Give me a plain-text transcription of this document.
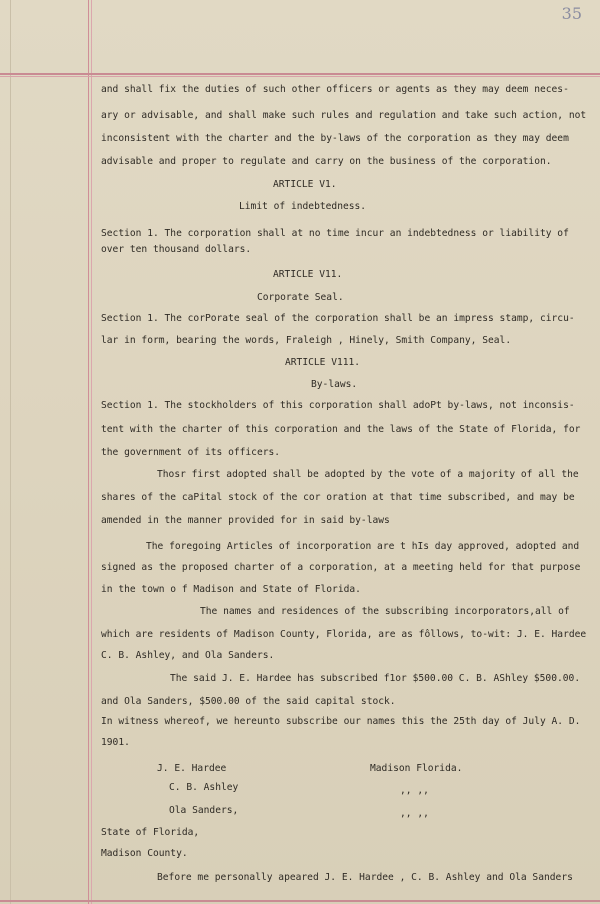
35
and shall fix the duties of such other officers or agents as they may deem neces-
ary or advisable, and shall make such rules and regulation and take such action, not
inconsistent with the charter and the by-laws of the corporation as they may deem
advisable and proper to regulate and carry on the business of the corporation.
ARTICLE V1.
Limit of indebtedness.
Section 1. The corporation shall at no time incur an indebtedness or liability of
over ten thousand dollars.
ARTICLE V11.
Corporate Seal.
Section 1. The corPorate seal of the corporation shall be an impress stamp, circu-
lar in form, bearing the words, Fraleigh , Hinely, Smith Company, Seal.
ARTICLE V111.
By-laws.
Section 1. The stockholders of this corporation shall adoPt by-laws, not inconsis-
tent with the charter of this corporation and the laws of the State of Florida, for
the government of its officers.
Thosr first adopted shall be adopted by the vote of a majority of all the
shares of the caPital stock of the cor oration at that time subscribed, and may be
amended in the manner provided for in said by-laws
The foregoing Articles of incorporation are t hIs day approved, adopted and
signed as the proposed charter of a corporation, at a meeting held for that purpose
in the town o f Madison and State of Florida.
The names and residences of the subscribing incorporators,all of
which are residents of Madison County, Florida, are as fôllows, to-wit: J. E. Hardee
C. B. Ashley, and Ola Sanders.
The said J. E. Hardee has subscribed f1or $500.00 C. B. AShley $500.00.
and Ola Sanders, $500.00 of the said capital stock.
In witness whereof, we hereunto subscribe our names this the 25th day of July A. D.
1901.
J. E. Hardee	Madison Florida.
C. B. Ashley	,, ,,
Ola Sanders,	,, ,,
State of Florida,
Madison County.
Before me personally apeared J. E. Hardee , C. B. Ashley and Ola Sanders
